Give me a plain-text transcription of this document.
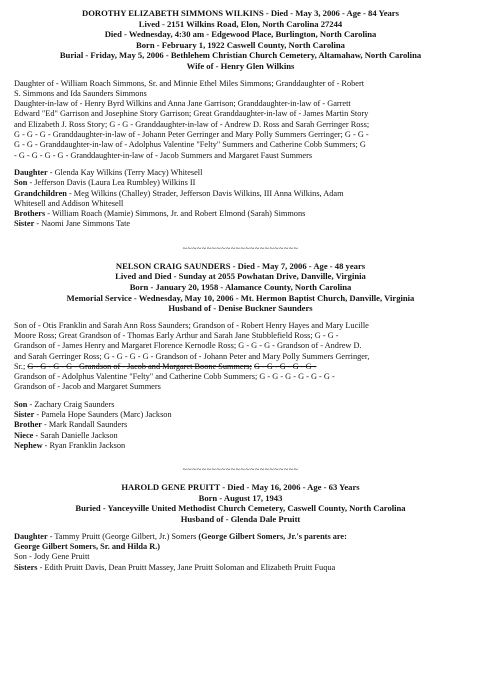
DOROTHY ELIZABETH SIMMONS WILKINS - Died - May 3, 2006 - Age - 84 Years
Lived - 2151 Wilkins Road, Elon, North Carolina 27244
Died - Wednesday, 4:30 am - Edgewood Place, Burlington, North Carolina
Born - February 1, 1922 Caswell County, North Carolina
Burial - Friday, May 5, 2006 - Bethlehem Christian Church Cemetery, Altamahaw, North Carolina
Wife of - Henry Glen Wilkins
Daughter of - William Roach Simmons, Sr. and Minnie Ethel Miles Simmons; Granddaughter of - Robert
S. Simmons and Ida Saunders Simmons
Daughter-in-law of - Henry Byrd Wilkins and Anna Jane Garrison; Granddaughter-in-law of - Garrett
Edward "Ed" Garrison and Josephine Story Garrison; Great Granddaughter-in-law of - James Martin Story
and Elizabeth J. Ross Story; G - G - Granddaughter-in-law of - Andrew D. Ross and Sarah Gerringer Ross;
G - G - G - Granddaughter-in-law of - Johann Peter Gerringer and Mary Polly Summers Gerringer; G - G -
G - G - Granddaughter-in-law of - Adolphus Valentine "Felty" Summers and Catherine Cobb Summers; G
- G - G - G - G - Granddaughter-in-law of - Jacob Summers and Margaret Faust Summers
Daughter - Glenda Kay Wilkins (Terry Macy) Whitesell
Son - Jefferson Davis (Laura Lea Rumbley) Wilkins II
Grandchildren - Meg Wilkins (Challey) Strader, Jefferson Davis Wilkins, III Anna Wilkins, Adam
Whitesell and Addison Whitesell
Brothers - William Roach (Mamie) Simmons, Jr. and Robert Elmond (Sarah) Simmons
Sister - Naomi Jane Simmons Tate
~~~~~
NELSON CRAIG SAUNDERS - Died - May 7, 2006 - Age - 48 years
Lived and Died - Sunday at 2055 Powhatan Drive, Danville, Virginia
Born - January 20, 1958 - Alamance County, North Carolina
Memorial Service - Wednesday, May 10, 2006 - Mt. Hermon Baptist Church, Danville, Virginia
Husband of - Denise Buckner Saunders
Son of - Otis Franklin and Sarah Ann Ross Saunders; Grandson of - Robert Henry Hayes and Mary Lucille
Moore Ross; Great Grandson of - Thomas Early Arthur and Sarah Jane Stubblefield Ross; G - G -
Grandson of - James Henry and Margaret Florence Kernodle Ross; G - G - G - Grandson of - Andrew D.
and Sarah Gerringer Ross; G - G - G - G - Grandson of - Johann Peter and Mary Polly Summers Gerringer,
Sr.; G - G - G - G - Grandson of - Jacob and Margaret Boone Summers; G - G - G - G - G -
Grandson of - Adolphus Valentine "Felty" and Catherine Cobb Summers; G - G - G - G - G - G -
Grandson of - Jacob and Margaret Summers
Son - Zachary Craig Saunders
Sister - Pamela Hope Saunders (Marc) Jackson
Brother - Mark Randall Saunders
Niece - Sarah Danielle Jackson
Nephew - Ryan Franklin Jackson
~~~~~
HAROLD GENE PRUITT - Died - May 16, 2006 - Age - 63 Years
Born - August 17, 1943
Buried - Yanceyville United Methodist Church Cemetery, Caswell County, North Carolina
Husband of - Glenda Dale Pruitt
Daughter - Tammy Pruitt (George Gilbert, Jr.) Somers (George Gilbert Somers, Jr.'s parents are:
George Gilbert Somers, Sr. and Hilda R.)
Son - Jody Gene Pruitt
Sisters - Edith Pruitt Davis, Dean Pruitt Massey, Jane Pruitt Soloman and Elizabeth Pruitt Fuqua
